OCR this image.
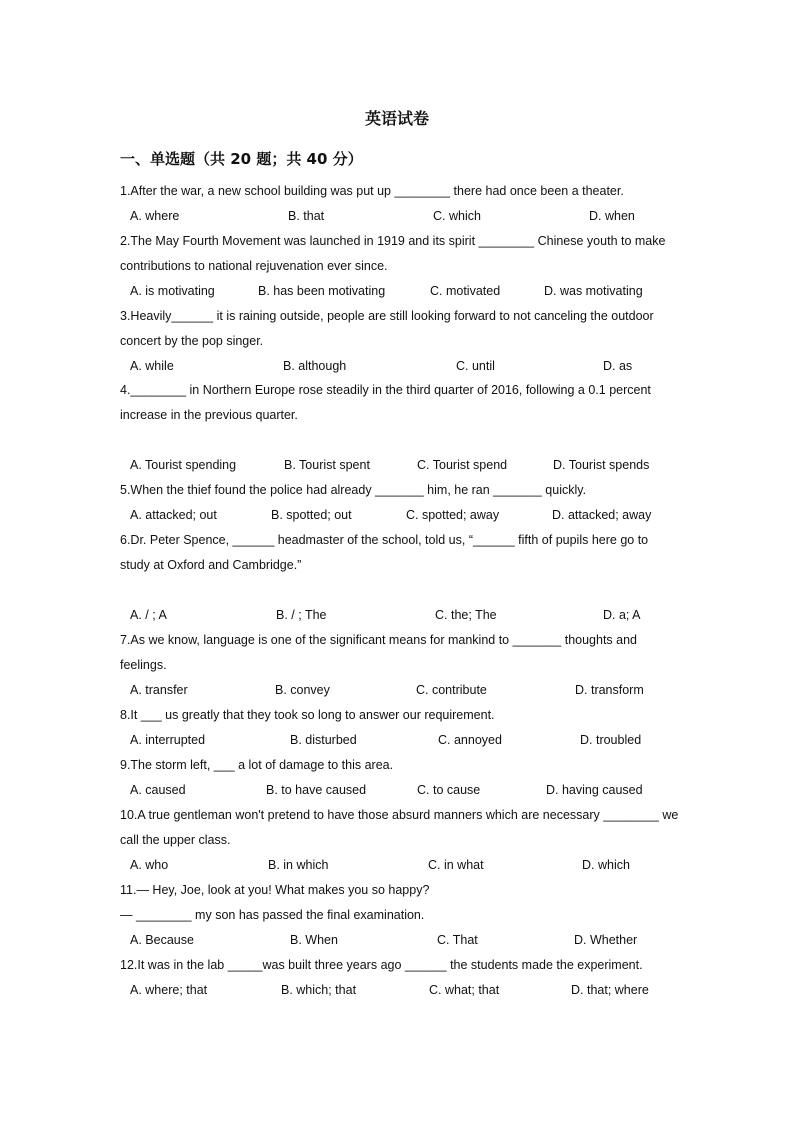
英语试卷
一、单选题（共 20 题；共 40 分）
1.After the war, a new school building was put up ________ there had once been a theater.
A. where	B. that	C. which	D. when
2.The May Fourth Movement was launched in 1919 and its spirit ________ Chinese youth to make contributions to national rejuvenation ever since.
A. is motivating	B. has been motivating	C. motivated	D. was motivating
3.Heavily______ it is raining outside, people are still looking forward to not canceling the outdoor concert by the pop singer.
A. while	B. although	C. until	D. as
4.________ in Northern Europe rose steadily in the third quarter of 2016, following a 0.1 percent increase in the previous quarter.
A. Tourist spending	B. Tourist spent	C. Tourist spend	D. Tourist spends
5.When the thief found the police had already _______ him, he ran _______ quickly.
A. attacked; out	B. spotted; out	C. spotted; away	D. attacked; away
6.Dr. Peter Spence, ______ headmaster of the school, told us, “______ fifth of pupils here go to study at Oxford and Cambridge.”
A. / ; A	B. / ; The	C. the; The	D. a; A
7.As we know, language is one of the significant means for mankind to _______ thoughts and feelings.
A. transfer	B. convey	C. contribute	D. transform
8.It ___ us greatly that they took so long to answer our requirement.
A. interrupted	B. disturbed	C. annoyed	D. troubled
9.The storm left, ___ a lot of damage to this area.
A. caused	B. to have caused	C. to cause	D. having caused
10.A true gentleman won't pretend to have those absurd manners which are necessary ________ we call the upper class.
A. who	B. in which	C. in what	D. which
11.— Hey, Joe, look at you! What makes you so happy?
— ________ my son has passed the final examination.
A. Because	B. When	C. That	D. Whether
12.It was in the lab _____was built three years ago ______ the students made the experiment.
A. where; that	B. which; that	C. what; that	D. that; where
